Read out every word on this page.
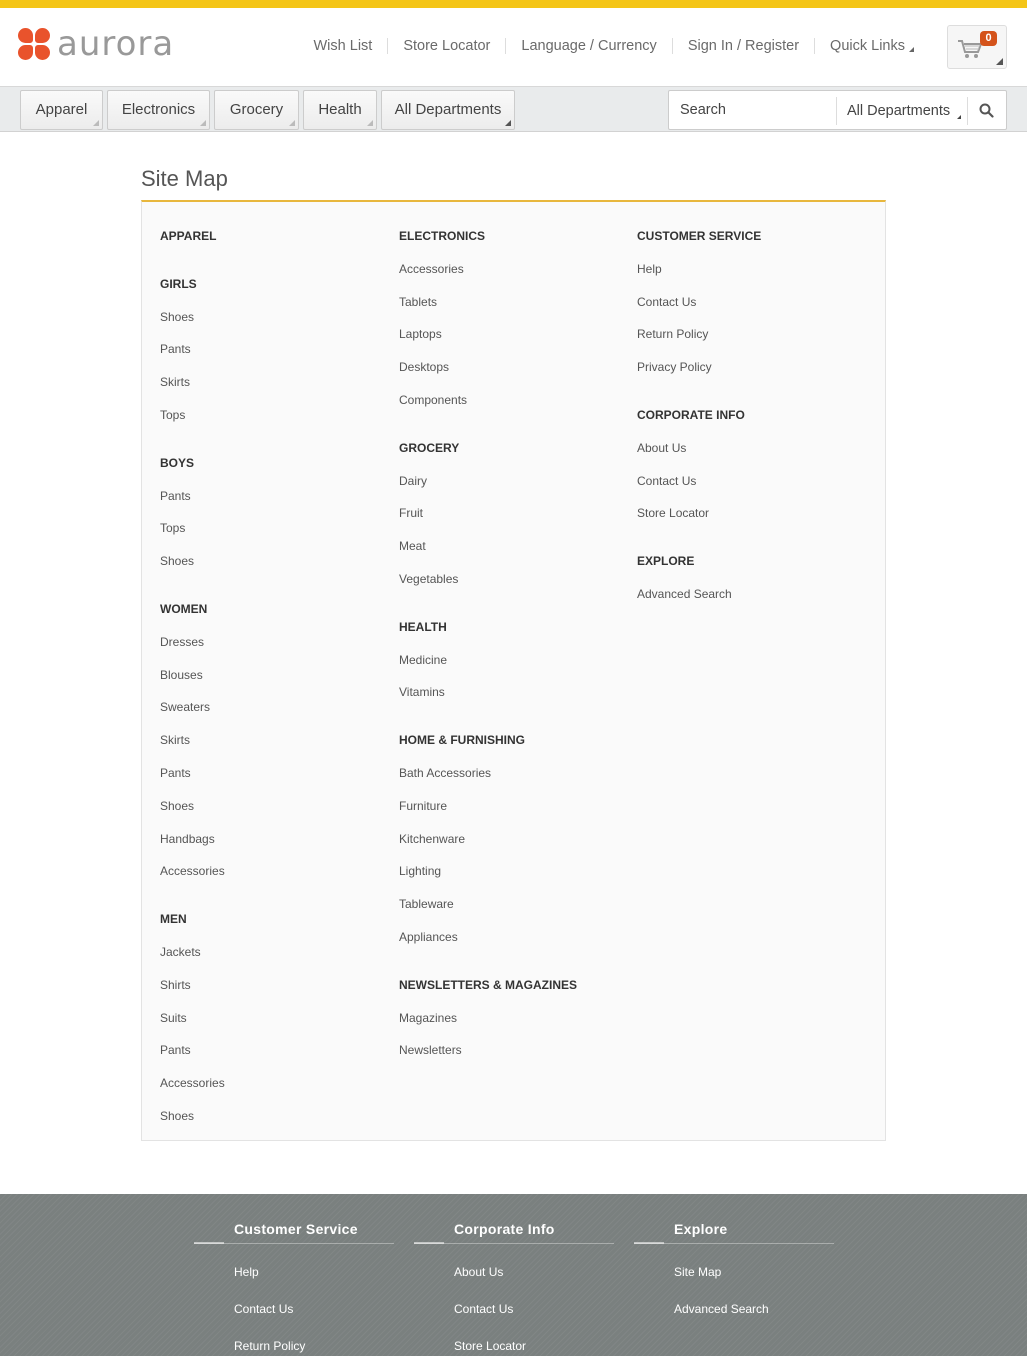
aurora	Wish List	Store Locator	Language / Currency	Sign In / Register	Quick Links	0
Apparel	Electronics	Grocery	Health	All Departments	Search	All Departments
Site Map
APPAREL
GIRLS
Shoes
Pants
Skirts
Tops
BOYS
Pants
Tops
Shoes
WOMEN
Dresses
Blouses
Sweaters
Skirts
Pants
Shoes
Handbags
Accessories
MEN
Jackets
Shirts
Suits
Pants
Accessories
Shoes
ELECTRONICS
Accessories
Tablets
Laptops
Desktops
Components
GROCERY
Dairy
Fruit
Meat
Vegetables
HEALTH
Medicine
Vitamins
HOME & FURNISHING
Bath Accessories
Furniture
Kitchenware
Lighting
Tableware
Appliances
NEWSLETTERS & MAGAZINES
Magazines
Newsletters
CUSTOMER SERVICE
Help
Contact Us
Return Policy
Privacy Policy
CORPORATE INFO
About Us
Contact Us
Store Locator
EXPLORE
Advanced Search
Customer Service
Help
Contact Us
Return Policy
Corporate Info
About Us
Contact Us
Store Locator
Explore
Site Map
Advanced Search
